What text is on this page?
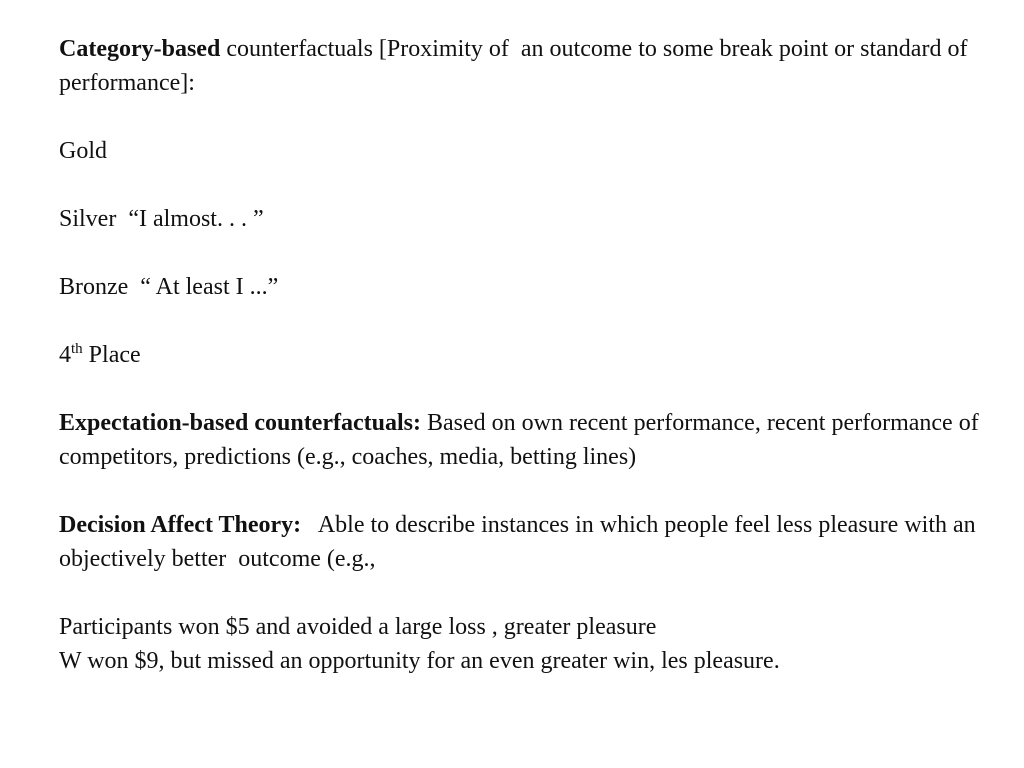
Category-based counterfactuals [Proximity of  an outcome to some break point or standard of  performance]:

Gold

Silver  “I almost. . . ”

Bronze  “ At least I ...”

4th Place

Expectation-based counterfactuals: Based on own recent performance, recent performance of  competitors, predictions (e.g., coaches, media, betting lines)

Decision Affect Theory:   Able to describe instances in which people feel less pleasure with an objectively better  outcome (e.g.,

Participants won $5 and avoided a large loss , greater pleasure

W won $9, but missed an opportunity for an even greater win, les pleasure.
